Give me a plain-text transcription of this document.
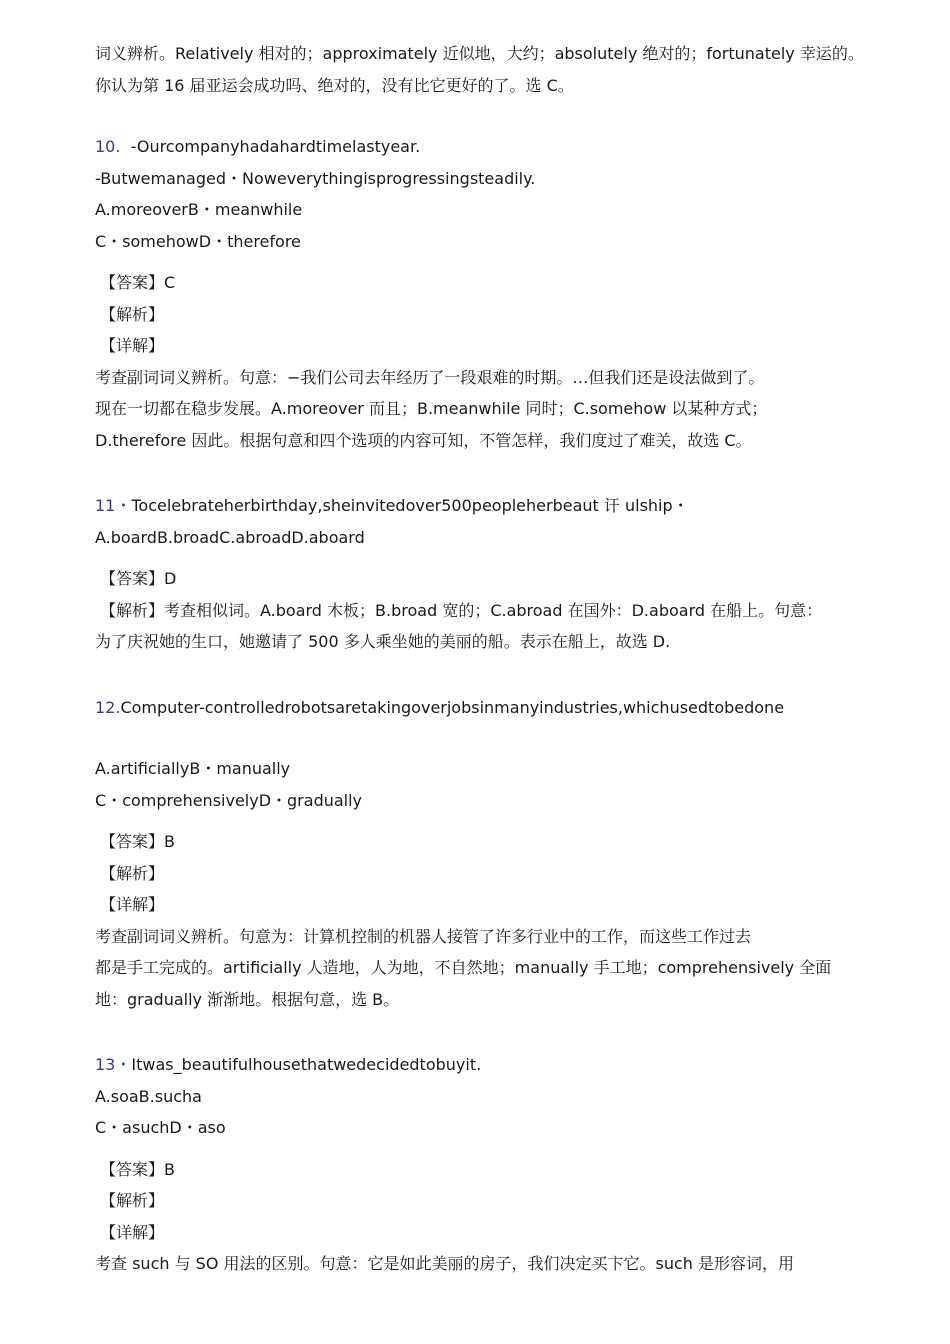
词义辨析。Relatively 相对的；approximately 近似地，大约；absolutely 绝对的；fortunately 幸运的。
你认为第 16 届亚运会成功吗、绝对的，没有比它更好的了。选 C。
10.  -Ourcompanyhadahardtimelastyear.
-Butwemanaged・Noweverythingisprogressingsteadily.
A.moreoverB・meanwhile
C・somehowD・therefore
【答案】C
【解析】
【详解】
考查副词词义辨析。句意：−我们公司去年经历了一段艰难的时期。…但我们还是设法做到了。
现在一切都在稳步发展。A.moreover 而且；B.meanwhile 同时；C.somehow 以某种方式；
D.therefore 因此。根据句意和四个选项的内容可知，不管怎样，我们度过了难关，故选 C。
11・Tocelebrateherbirthday,sheinvitedover500peopleherbeaut 讦 ulship・
A.boardB.broadC.abroadD.aboard
【答案】D
【解析】考查相似词。A.board 木板；B.broad 宽的；C.abroad 在国外：D.aboard 在船上。句意：
为了庆祝她的生口，她邀请了 500 多人乘坐她的美丽的船。表示在船上，故选 D.
12.Computer-controlledrobotsaretakingoverjobsinmanyindustries,whichusedtobedone
A.artificiallyB・manually
C・comprehensivelyD・gradually
【答案】B
【解析】
【详解】
考查副词词义辨析。句意为：计算机控制的机器人接管了许多行业中的工作，而这些工作过去
都是手工完成的。artificially 人造地，人为地，不自然地；manually 手工地；comprehensively 全面
地：gradually 渐渐地。根据句意，选 B。
13・Itwas_beautifulhousethatwedecidedtobuyit.
A.soaB.sucha
C・asuchD・aso
【答案】B
【解析】
【详解】
考查 such 与 SO 用法的区别。句意：它是如此美丽的房子，我们决定买卞它。such 是形容词，用
